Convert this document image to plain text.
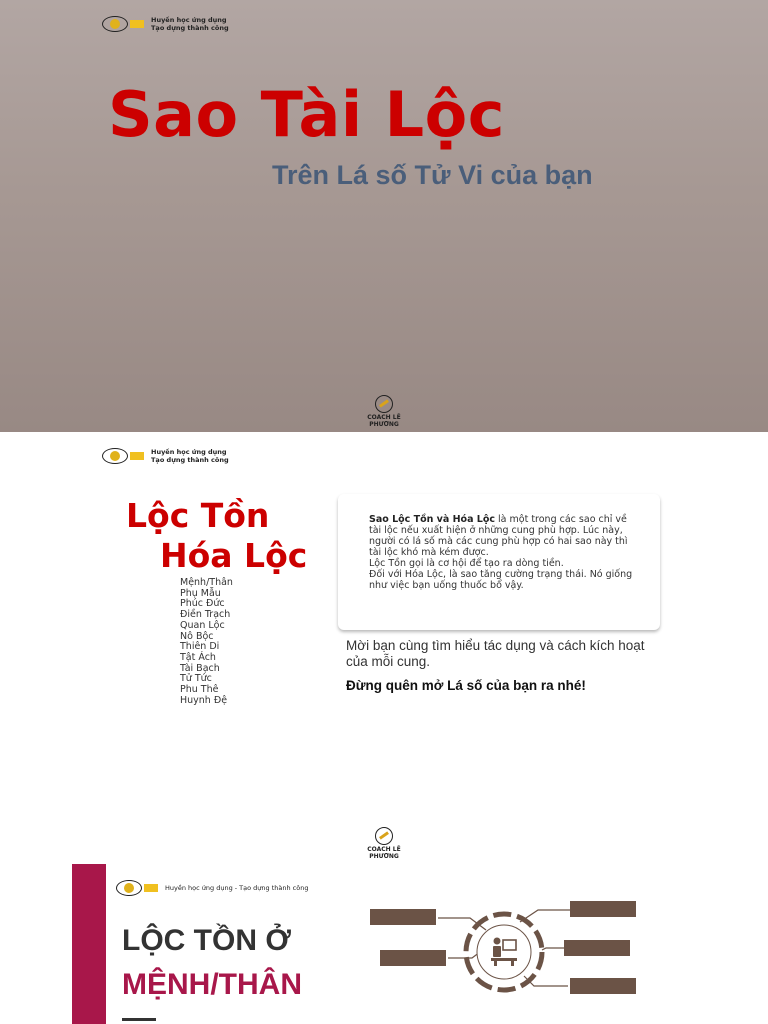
Huyền học ứng dụng
Tạo dựng thành công
Sao Tài Lộc
Trên Lá số Tử Vi của bạn
COACH LÊ
PHƯƠNG
Huyền học ứng dụng
Tạo dựng thành công
Lộc Tồn
Hóa Lộc
Mệnh/Thân
Phụ Mẫu
Phúc Đức
Điền Trạch
Quan Lộc
Nô Bộc
Thiên Di
Tật Ách
Tài Bạch
Tử Tức
Phu Thê
Huynh Đệ

Sao Lộc Tồn và Hóa Lộc là một trong các sao chỉ về tài lộc nếu xuất hiện ở những cung phù hợp. Lúc này, người có lá số mà các cung phù hợp có hai sao này thì tài lộc khó mà kém được.

Lộc Tồn gọi là cơ hội để tạo ra dòng tiền.

Đối với Hóa Lộc, là sao tăng cường trạng thái. Nó giống như việc bạn uống thuốc bổ vậy.

Mời bạn cùng tìm hiểu tác dụng và cách kích hoạt của mỗi cung.

Đừng quên mở Lá số của bạn ra nhé!

COACH LÊ
PHƯƠNG
Huyền học ứng dụng - Tạo dựng thành công
LỘC TỒN Ở
MỆNH/THÂN
